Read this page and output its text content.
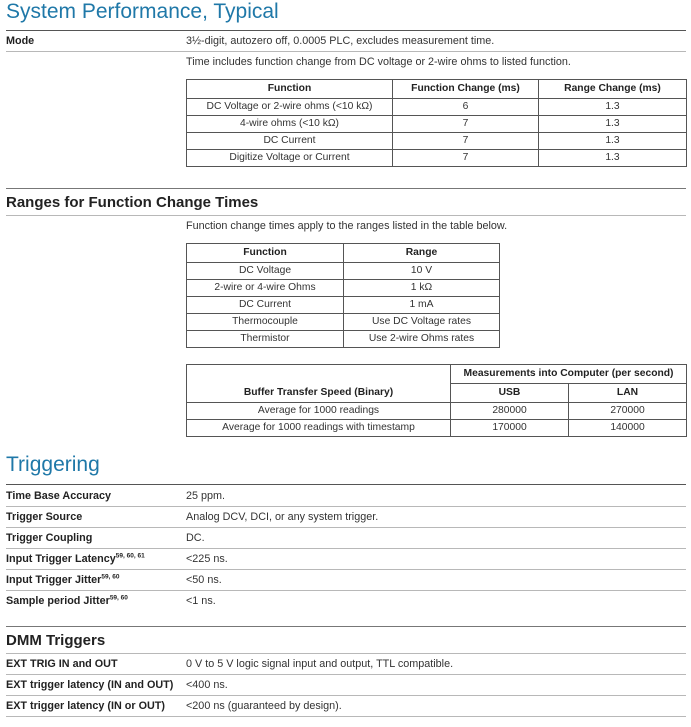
System Performance, Typical
Mode	3½-digit, autozero off, 0.0005 PLC, excludes measurement time.
Time includes function change from DC voltage or 2-wire ohms to listed function.
Function	Function Change (ms)	Range Change (ms)
DC Voltage or 2-wire ohms (<10 kΩ)	6	1.3
4-wire ohms (<10 kΩ)	7	1.3
DC Current	7	1.3
Digitize Voltage or Current	7	1.3
Ranges for Function Change Times
Function change times apply to the ranges listed in the table below.
Function	Range
DC Voltage	10 V
2-wire or 4-wire Ohms	1 kΩ
DC Current	1 mA
Thermocouple	Use DC Voltage rates
Thermistor	Use 2-wire Ohms rates
Buffer Transfer Speed (Binary)	Measurements into Computer (per second)	
	USB	LAN
Average for 1000 readings	280000	270000
Average for 1000 readings with timestamp	170000	140000
Triggering
Time Base Accuracy	25 ppm.
Trigger Source	Analog DCV, DCI, or any system trigger.
Trigger Coupling	DC.
Input Trigger Latency$^{59, 60, 61}$	<225 ns.
Input Trigger Jitter$^{59, 60}$	<50 ns.
Sample period Jitter$^{59, 60}$	<1 ns.
DMM Triggers
EXT TRIG IN and OUT	0 V to 5 V logic signal input and output, TTL compatible.
EXT trigger latency (IN and OUT) <400 ns.
EXT trigger latency (IN or OUT) <200 ns (guaranteed by design).
